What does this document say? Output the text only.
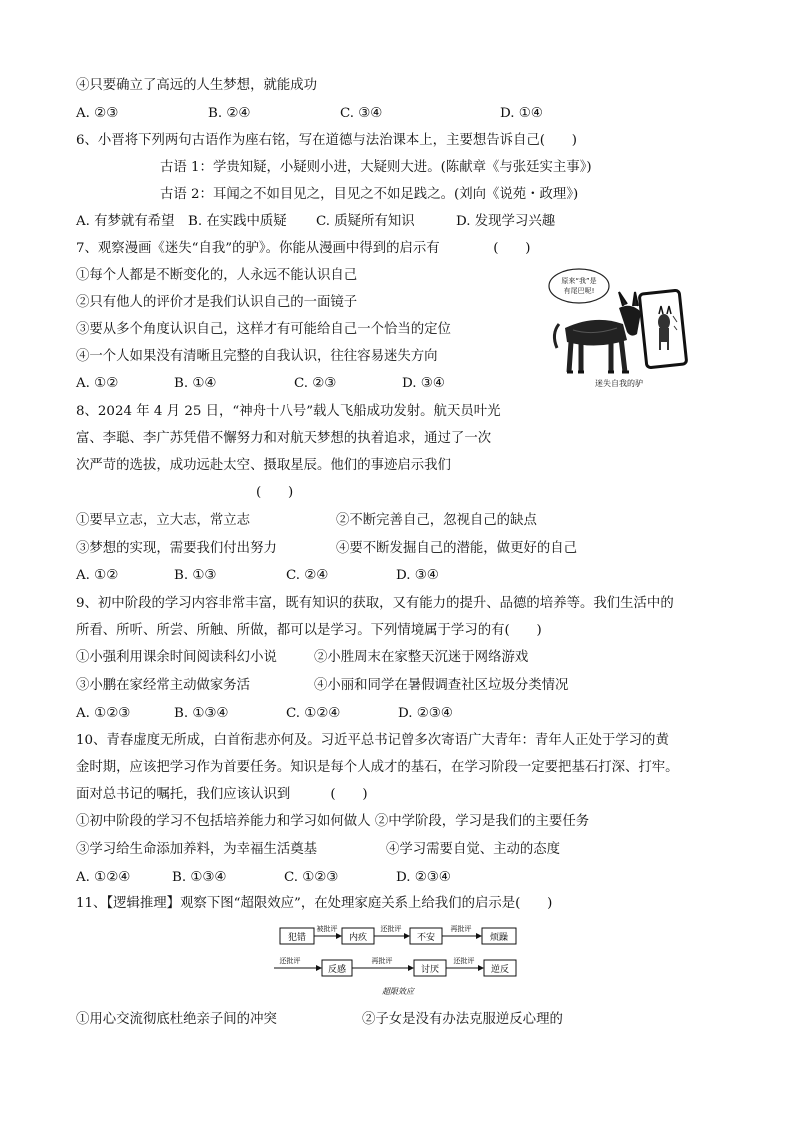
④只要确立了高远的人生梦想，就能成功
A. ②③	B. ②④	C. ③④	D. ①④
6、小晋将下列两句古语作为座右铭，写在道德与法治课本上，主要想告诉自己(　　)
古语 1：学贵知疑，小疑则小进，大疑则大进。(陈献章《与张廷实主事》)
古语 2：耳闻之不如目见之，目见之不如足践之。(刘向《说苑・政理》)
A. 有梦就有希望 B. 在实践中质疑 C. 质疑所有知识	D. 发现学习兴趣
7、观察漫画《迷失“自我”的驴》。你能从漫画中得到的启示有　　　　(　　)
①每个人都是不断变化的，人永远不能认识自己
②只有他人的评价才是我们认识自己的一面镜子
③要从多个角度认识自己，这样才有可能给自己一个恰当的定位
④一个人如果没有清晰且完整的自我认识，往往容易迷失方向
A. ①②	B. ①④	C. ②③	D. ③④
原来“我”是
有尾巴呢!
迷失自我的驴
8、2024 年 4 月 25 日，“神舟十八号”载人飞船成功发射。航天员叶光
富、李聪、李广苏凭借不懈努力和对航天梦想的执着追求，通过了一次
次严苛的选拔，成功远赴太空、摄取星辰。他们的事迹启示我们
(　　)
①要早立志，立大志，常立志	②不断完善自己，忽视自己的缺点
③梦想的实现，需要我们付出努力	④要不断发掘自己的潜能，做更好的自己
A. ①②	B. ①③	C. ②④	D. ③④
9、初中阶段的学习内容非常丰富，既有知识的获取，又有能力的提升、品德的培养等。我们生活中的
所看、所听、所尝、所触、所做，都可以是学习。下列情境属于学习的有(　　)
①小强利用课余时间阅读科幻小说	②小胜周末在家整天沉迷于网络游戏
③小鹏在家经常主动做家务活	④小丽和同学在暑假调查社区垃圾分类情况
A. ①②③	B. ①③④	C. ①②④	D. ②③④
10、青春虚度无所成，白首衔悲亦何及。习近平总书记曾多次寄语广大青年：青年人正处于学习的黄
金时期，应该把学习作为首要任务。知识是每个人成才的基石，在学习阶段一定要把基石打深、打牢。
面对总书记的嘱托，我们应该认识到　　　(　　)
①初中阶段的学习不包括培养能力和学习如何做人 ②中学阶段，学习是我们的主要任务
③学习给生命添加养料，为幸福生活奠基	④学习需要自觉、主动的态度
A. ①②④	B. ①③④	C. ①②③	D. ②③④
11、【逻辑推理】观察下图“超限效应”，在处理家庭关系上给我们的启示是(　　)
犯错	内疚	不安	烦躁
被批评	还批评	再批评
还批评
反感
再批评
讨厌
还批评
逆反
超限效应
①用心交流彻底杜绝亲子间的冲突	②子女是没有办法克服逆反心理的
